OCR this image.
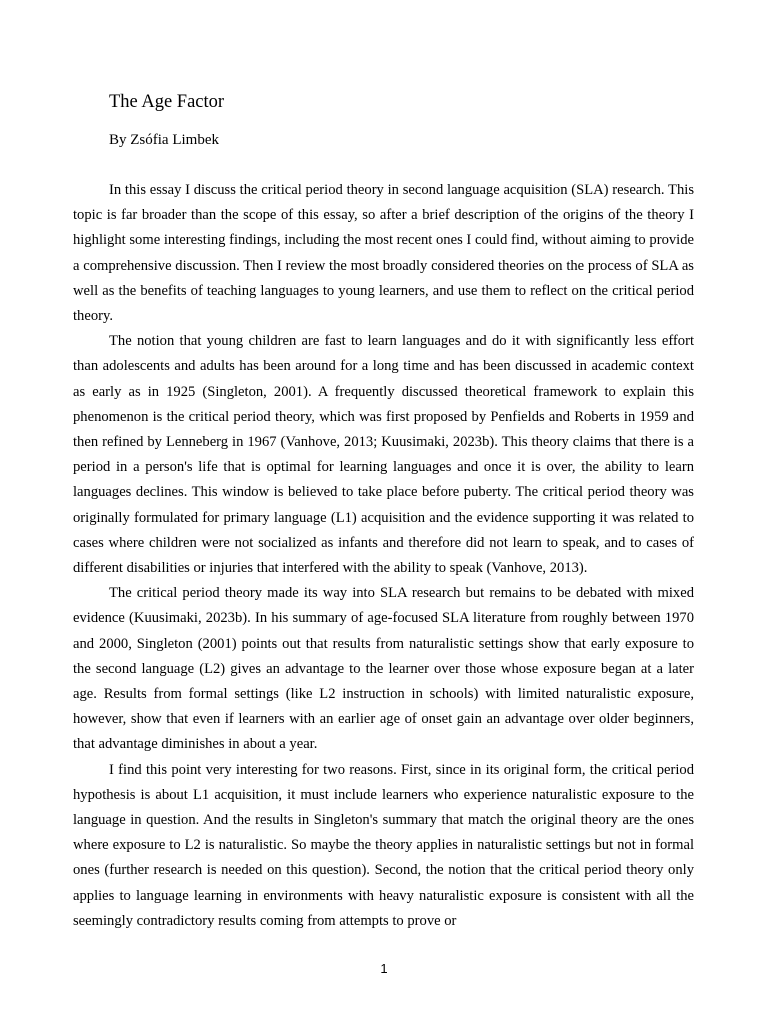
The Age Factor

By Zsófia Limbek

In this essay I discuss the critical period theory in second language acquisition (SLA) research. This topic is far broader than the scope of this essay, so after a brief description of the origins of the theory I highlight some interesting findings, including the most recent ones I could find, without aiming to provide a comprehensive discussion. Then I review the most broadly considered theories on the process of SLA as well as the benefits of teaching languages to young learners, and use them to reflect on the critical period theory.

The notion that young children are fast to learn languages and do it with significantly less effort than adolescents and adults has been around for a long time and has been discussed in academic context as early as in 1925 (Singleton, 2001). A frequently discussed theoretical framework to explain this phenomenon is the critical period theory, which was first proposed by Penfields and Roberts in 1959 and then refined by Lenneberg in 1967 (Vanhove, 2013; Kuusimaki, 2023b). This theory claims that there is a period in a person's life that is optimal for learning languages and once it is over, the ability to learn languages declines. This window is believed to take place before puberty. The critical period theory was originally formulated for primary language (L1) acquisition and the evidence supporting it was related to cases where children were not socialized as infants and therefore did not learn to speak, and to cases of different disabilities or injuries that interfered with the ability to speak (Vanhove, 2013).

The critical period theory made its way into SLA research but remains to be debated with mixed evidence (Kuusimaki, 2023b). In his summary of age-focused SLA literature from roughly between 1970 and 2000, Singleton (2001) points out that results from naturalistic settings show that early exposure to the second language (L2) gives an advantage to the learner over those whose exposure began at a later age. Results from formal settings (like L2 instruction in schools) with limited naturalistic exposure, however, show that even if learners with an earlier age of onset gain an advantage over older beginners, that advantage diminishes in about a year.

I find this point very interesting for two reasons. First, since in its original form, the critical period hypothesis is about L1 acquisition, it must include learners who experience naturalistic exposure to the language in question. And the results in Singleton's summary that match the original theory are the ones where exposure to L2 is naturalistic. So maybe the theory applies in naturalistic settings but not in formal ones (further research is needed on this question). Second, the notion that the critical period theory only applies to language learning in environments with heavy naturalistic exposure is consistent with all the seemingly contradictory results coming from attempts to prove or

1
